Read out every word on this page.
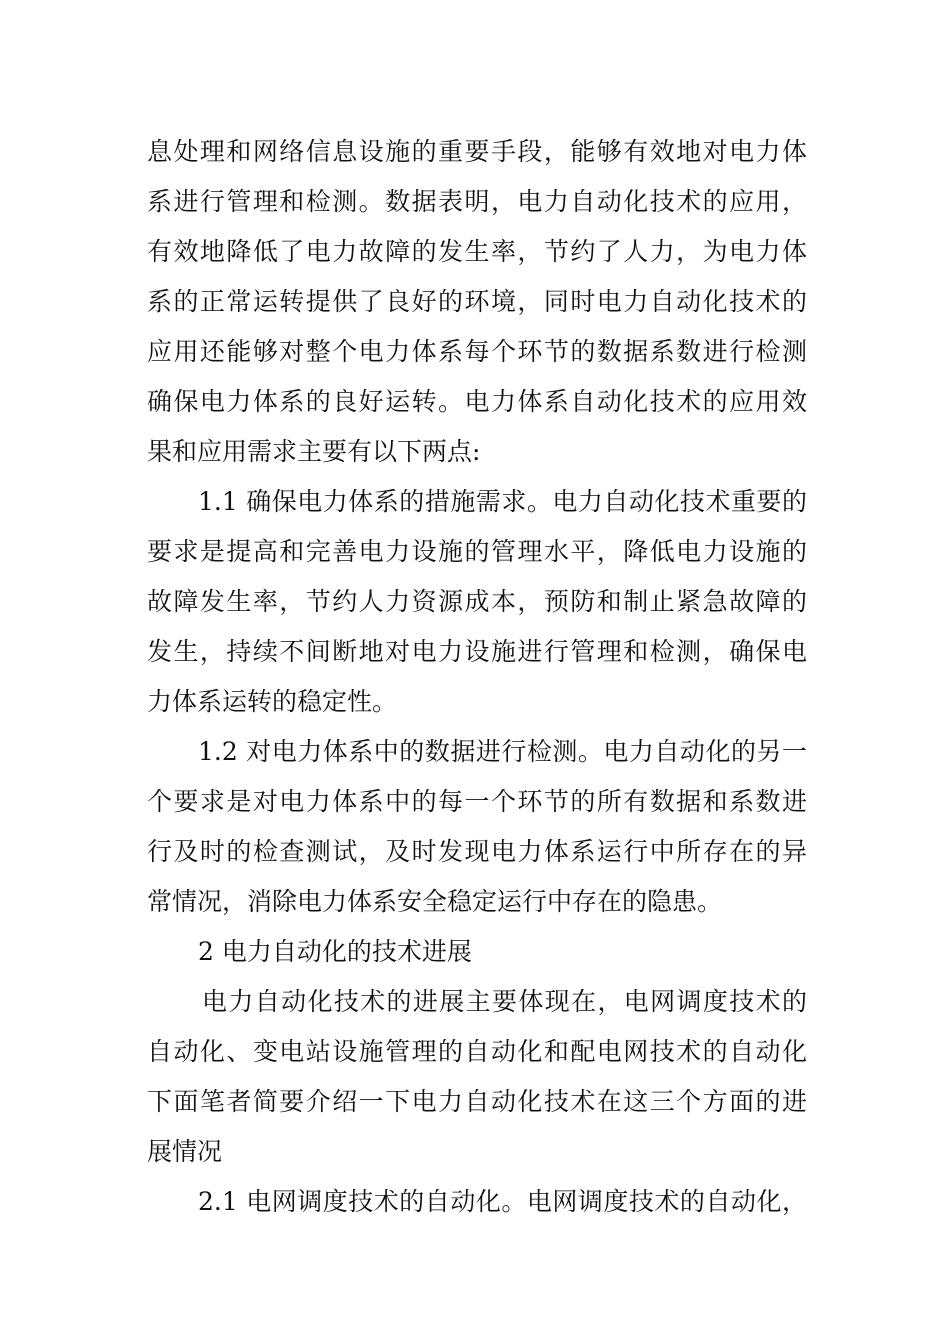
息处理和网络信息设施的重要手段，能够有效地对电力体
系进行管理和检测。数据表明，电力自动化技术的应用，
有效地降低了电力故障的发生率，节约了人力，为电力体
系的正常运转提供了良好的环境，同时电力自动化技术的
应用还能够对整个电力体系每个环节的数据系数进行检测
确保电力体系的良好运转。电力体系自动化技术的应用效
果和应用需求主要有以下两点:
1.1 确保电力体系的措施需求。电力自动化技术重要的
要求是提高和完善电力设施的管理水平，降低电力设施的
故障发生率，节约人力资源成本，预防和制止紧急故障的
发生，持续不间断地对电力设施进行管理和检测，确保电
力体系运转的稳定性。
1.2 对电力体系中的数据进行检测。电力自动化的另一
个要求是对电力体系中的每一个环节的所有数据和系数进
行及时的检查测试，及时发现电力体系运行中所存在的异
常情况，消除电力体系安全稳定运行中存在的隐患。
2 电力自动化的技术进展
电力自动化技术的进展主要体现在，电网调度技术的
自动化、变电站设施管理的自动化和配电网技术的自动化
下面笔者简要介绍一下电力自动化技术在这三个方面的进
展情况
2.1 电网调度技术的自动化。电网调度技术的自动化，
